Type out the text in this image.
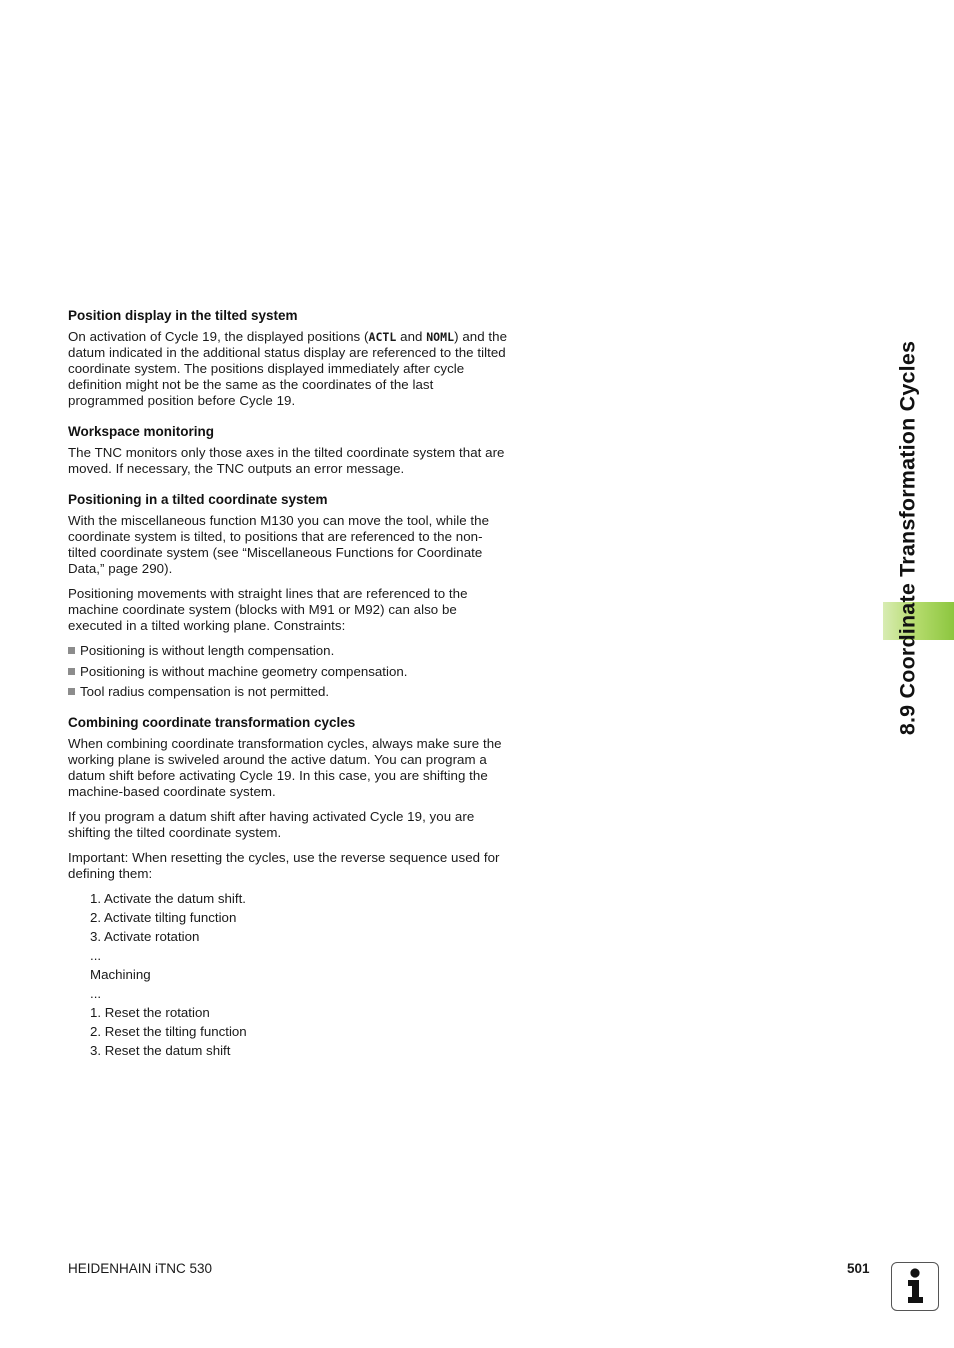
8.9 Coordinate Transformation Cycles
Position display in the tilted system

On activation of Cycle 19, the displayed positions (ACTL and NOML) and the datum indicated in the additional status display are referenced to the tilted coordinate system. The positions displayed immediately after cycle definition might not be the same as the coordinates of the last programmed position before Cycle 19.

Workspace monitoring

The TNC monitors only those axes in the tilted coordinate system that are moved. If necessary, the TNC outputs an error message.

Positioning in a tilted coordinate system

With the miscellaneous function M130 you can move the tool, while the coordinate system is tilted, to positions that are referenced to the non-tilted coordinate system (see “Miscellaneous Functions for Coordinate Data,” page 290).

Positioning movements with straight lines that are referenced to the machine coordinate system (blocks with M91 or M92) can also be executed in a tilted working plane. Constraints:

Positioning is without length compensation.
Positioning is without machine geometry compensation.
Tool radius compensation is not permitted.
Combining coordinate transformation cycles

When combining coordinate transformation cycles, always make sure the working plane is swiveled around the active datum. You can program a datum shift before activating Cycle 19. In this case, you are shifting the machine-based coordinate system.

If you program a datum shift after having activated Cycle 19, you are shifting the tilted coordinate system.

Important: When resetting the cycles, use the reverse sequence used for defining them:

1. Activate the datum shift.
2. Activate tilting function
3. Activate rotation
...
Machining
...
1. Reset the rotation
2. Reset the tilting function
3. Reset the datum shift
HEIDENHAIN iTNC 530	501
